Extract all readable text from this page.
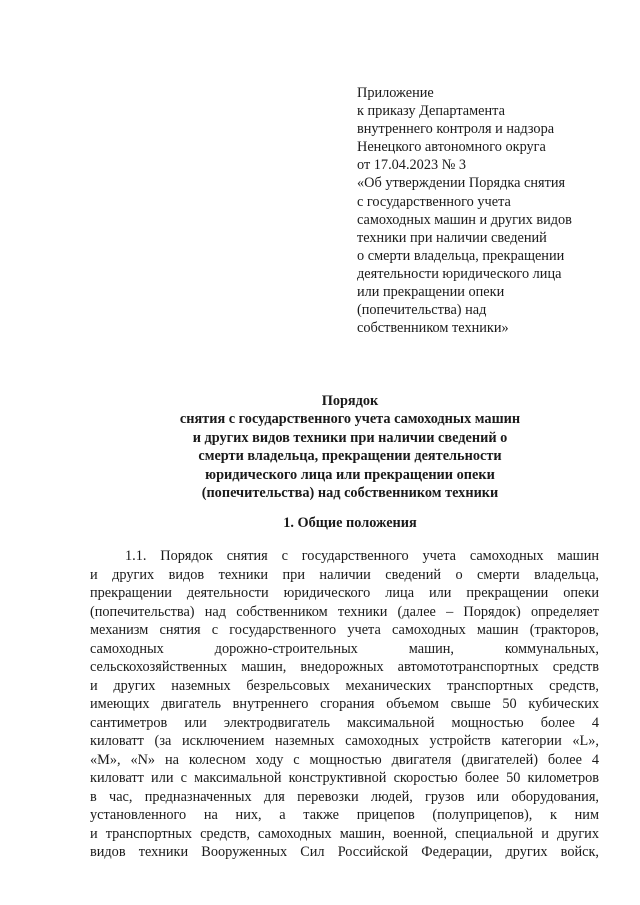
Приложение
к приказу Департамента
внутреннего контроля и надзора
Ненецкого автономного округа
от 17.04.2023 № 3
«Об утверждении Порядка снятия
с государственного учета
самоходных машин и других видов
техники при наличии сведений
о смерти владельца, прекращении
деятельности юридического лица
или прекращении опеки
(попечительства) над
собственником техники»
Порядок
снятия с государственного учета самоходных машин
и других видов техники при наличии сведений о
смерти владельца, прекращении деятельности
юридического лица или прекращении опеки
(попечительства) над собственником техники
1. Общие положения
1.1. Порядок снятия с государственного учета самоходных машин
и других видов техники при наличии сведений о смерти владельца,
прекращении деятельности юридического лица или прекращении опеки
(попечительства) над собственником техники (далее – Порядок) определяет
механизм снятия с государственного учета самоходных машин (тракторов,
самоходных дорожно-строительных машин, коммунальных,
сельскохозяйственных машин, внедорожных автомототранспортных средств
и других наземных безрельсовых механических транспортных средств,
имеющих двигатель внутреннего сгорания объемом свыше 50 кубических
сантиметров или электродвигатель максимальной мощностью более 4
киловатт (за исключением наземных самоходных устройств категории «L»,
«M», «N» на колесном ходу с мощностью двигателя (двигателей) более 4
киловатт или с максимальной конструктивной скоростью более 50 километров
в час, предназначенных для перевозки людей, грузов или оборудования,
установленного на них, а также прицепов (полуприцепов), к ним
и транспортных средств, самоходных машин, военной, специальной и других
видов техники Вооруженных Сил Российской Федерации, других войск,
